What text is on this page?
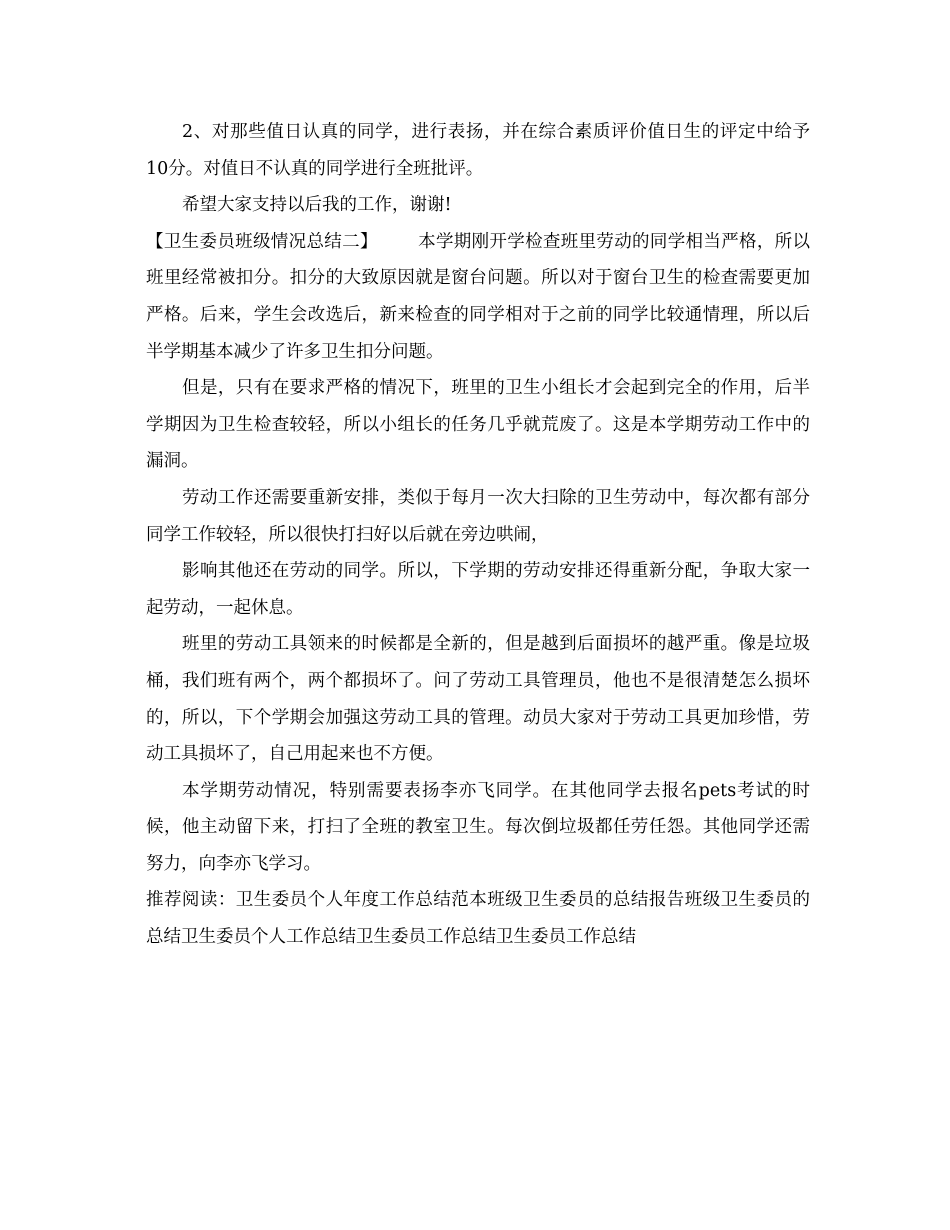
2、对那些值日认真的同学，进行表扬，并在综合素质评价值日生的评定中给予10分。对值日不认真的同学进行全班批评。

希望大家支持以后我的工作，谢谢!

【卫生委员班级情况总结二】 本学期刚开学检查班里劳动的同学相当严格，所以班里经常被扣分。扣分的大致原因就是窗台问题。所以对于窗台卫生的检查需要更加严格。后来，学生会改选后，新来检查的同学相对于之前的同学比较通情理，所以后半学期基本减少了许多卫生扣分问题。

但是，只有在要求严格的情况下，班里的卫生小组长才会起到完全的作用，后半学期因为卫生检查较轻，所以小组长的任务几乎就荒废了。这是本学期劳动工作中的漏洞。

劳动工作还需要重新安排，类似于每月一次大扫除的卫生劳动中，每次都有部分同学工作较轻，所以很快打扫好以后就在旁边哄闹，

影响其他还在劳动的同学。所以，下学期的劳动安排还得重新分配，争取大家一起劳动，一起休息。

班里的劳动工具领来的时候都是全新的，但是越到后面损坏的越严重。像是垃圾桶，我们班有两个，两个都损坏了。问了劳动工具管理员，他也不是很清楚怎么损坏的，所以，下个学期会加强这劳动工具的管理。动员大家对于劳动工具更加珍惜，劳动工具损坏了，自己用起来也不方便。

本学期劳动情况，特别需要表扬李亦飞同学。在其他同学去报名pets考试的时候，他主动留下来，打扫了全班的教室卫生。每次倒垃圾都任劳任怨。其他同学还需努力，向李亦飞学习。

推荐阅读：卫生委员个人年度工作总结范本班级卫生委员的总结报告班级卫生委员的总结卫生委员个人工作总结卫生委员工作总结卫生委员工作总结
